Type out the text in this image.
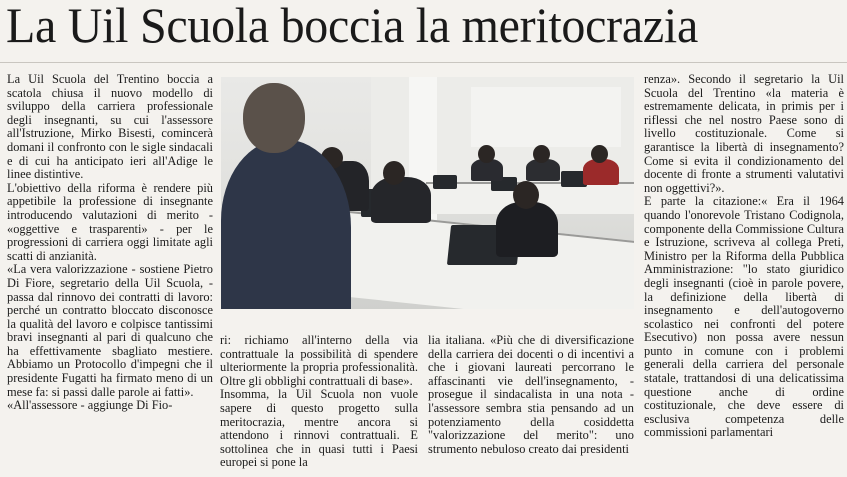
La Uil Scuola boccia la meritocrazia

La Uil Scuola del Trentino boccia a scatola chiusa il nuovo modello di sviluppo della carriera professionale degli insegnanti, su cui l'assessore all'Istruzione, Mirko Bisesti, comincerà domani il confronto con le sigle sindacali e di cui ha anticipato ieri all'Adige le linee distintive.

L'obiettivo della riforma è rendere più appetibile la professione di insegnante introducendo valutazioni di merito - «oggettive e trasparenti» - per le progressioni di carriera oggi limitate agli scatti di anzianità.

«La vera valorizzazione - sostiene Pietro Di Fiore, segretario della Uil Scuola, - passa dal rinnovo dei contratti di lavoro: perché un contratto bloccato disconosce la qualità del lavoro e colpisce tantissimi bravi insegnanti al pari di qualcuno che ha effettivamente sbagliato mestiere. Abbiamo un Protocollo d'impegni che il presidente Fugatti ha firmato meno di un mese fa: si passi dalle parole ai fatti».

«All'assessore - aggiunge Di Fio-

ri: richiamo all'interno della via contrattuale la possibilità di spendere ulteriormente la propria professionalità. Oltre gli obblighi contrattuali di base».

Insomma, la Uil Scuola non vuole sapere di questo progetto sulla meritocrazia, mentre ancora si attendono i rinnovi contrattuali. E sottolinea che in quasi tutti i Paesi europei si pone la

lia italiana. «Più che di diversificazione della carriera dei docenti o di incentivi a che i giovani laureati percorrano le affascinanti vie dell'insegnamento, - prosegue il sindacalista in una nota - l'assessore sembra stia pensando ad un potenziamento della cosiddetta "valorizzazione del merito": uno strumento nebuloso creato dai presidenti

renza». Secondo il segretario la Uil Scuola del Trentino «la materia è estremamente delicata, in primis per i riflessi che nel nostro Paese sono di livello costituzionale. Come si garantisce la libertà di insegnamento? Come si evita il condizionamento del docente di fronte a strumenti valutativi non oggettivi?».

E parte la citazione:« Era il 1964 quando l'onorevole Tristano Codignola, componente della Commissione Cultura e Istruzione, scriveva al collega Preti, Ministro per la Riforma della Pubblica Amministrazione: "lo stato giuridico degli insegnanti (cioè in parole povere, la definizione della libertà di insegnamento e dell'autogoverno scolastico nei confronti del potere Esecutivo) non possa avere nessun punto in comune con i problemi generali della carriera del personale statale, trattandosi di una delicatissima questione anche di ordine costituzionale, che deve essere di esclusiva competenza delle commissioni parlamentari
